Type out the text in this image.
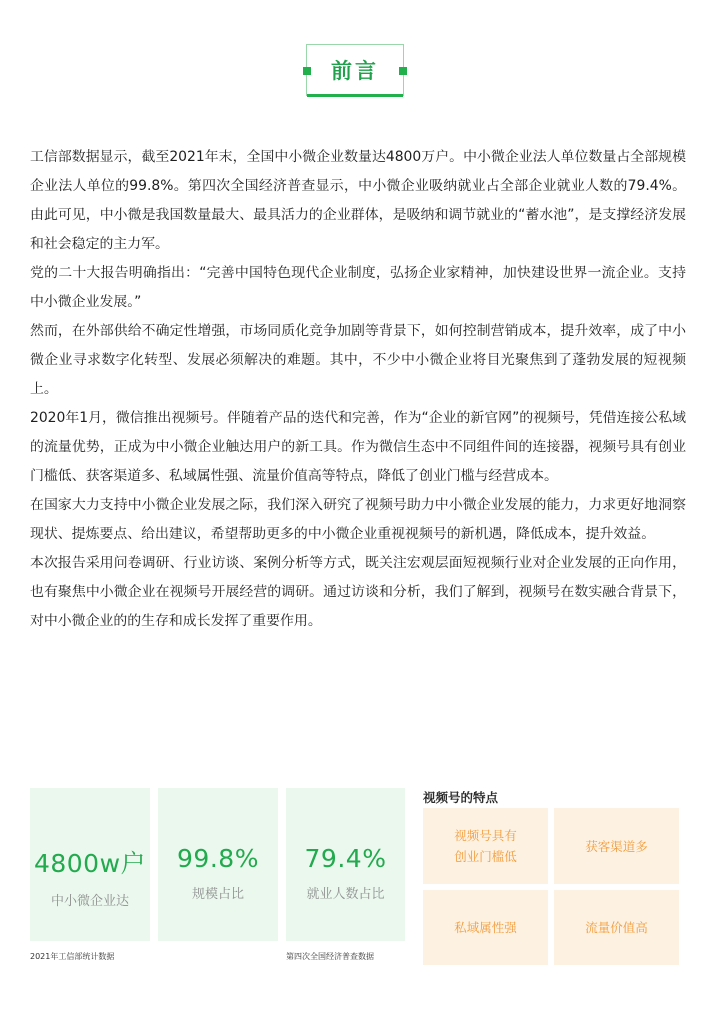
前言

工信部数据显示，截至2021年末，全国中小微企业数量达4800万户。中小微企业法人单位数量占全部规模企业法人单位的99.8%。第四次全国经济普查显示，中小微企业吸纳就业占全部企业就业人数的79.4%。由此可见，中小微是我国数量最大、最具活力的企业群体，是吸纳和调节就业的“蓄水池”，是支撑经济发展和社会稳定的主力军。

党的二十大报告明确指出：“完善中国特色现代企业制度，弘扬企业家精神，加快建设世界一流企业。支持中小微企业发展。”

然而，在外部供给不确定性增强，市场同质化竞争加剧等背景下，如何控制营销成本，提升效率，成了中小微企业寻求数字化转型、发展必须解决的难题。其中，不少中小微企业将目光聚焦到了蓬勃发展的短视频上。

2020年1月，微信推出视频号。伴随着产品的迭代和完善，作为“企业的新官网”的视频号，凭借连接公私域的流量优势，正成为中小微企业触达用户的新工具。作为微信生态中不同组件间的连接器，视频号具有创业门槛低、获客渠道多、私域属性强、流量价值高等特点，降低了创业门槛与经营成本。

在国家大力支持中小微企业发展之际，我们深入研究了视频号助力中小微企业发展的能力，力求更好地洞察现状、提炼要点、给出建议，希望帮助更多的中小微企业重视视频号的新机遇，降低成本，提升效益。

本次报告采用问卷调研、行业访谈、案例分析等方式，既关注宏观层面短视频行业对企业发展的正向作用，也有聚焦中小微企业在视频号开展经营的调研。通过访谈和分析，我们了解到，视频号在数实融合背景下，对中小微企业的的生存和成长发挥了重要作用。

4800w户
中小微企业达
99.8%
规模占比
79.4%
就业人数占比
2021年工信部统计数据	第四次全国经济普查数据
视频号的特点
视频号具有
创业门槛低
获客渠道多
私域属性强	流量价值高
